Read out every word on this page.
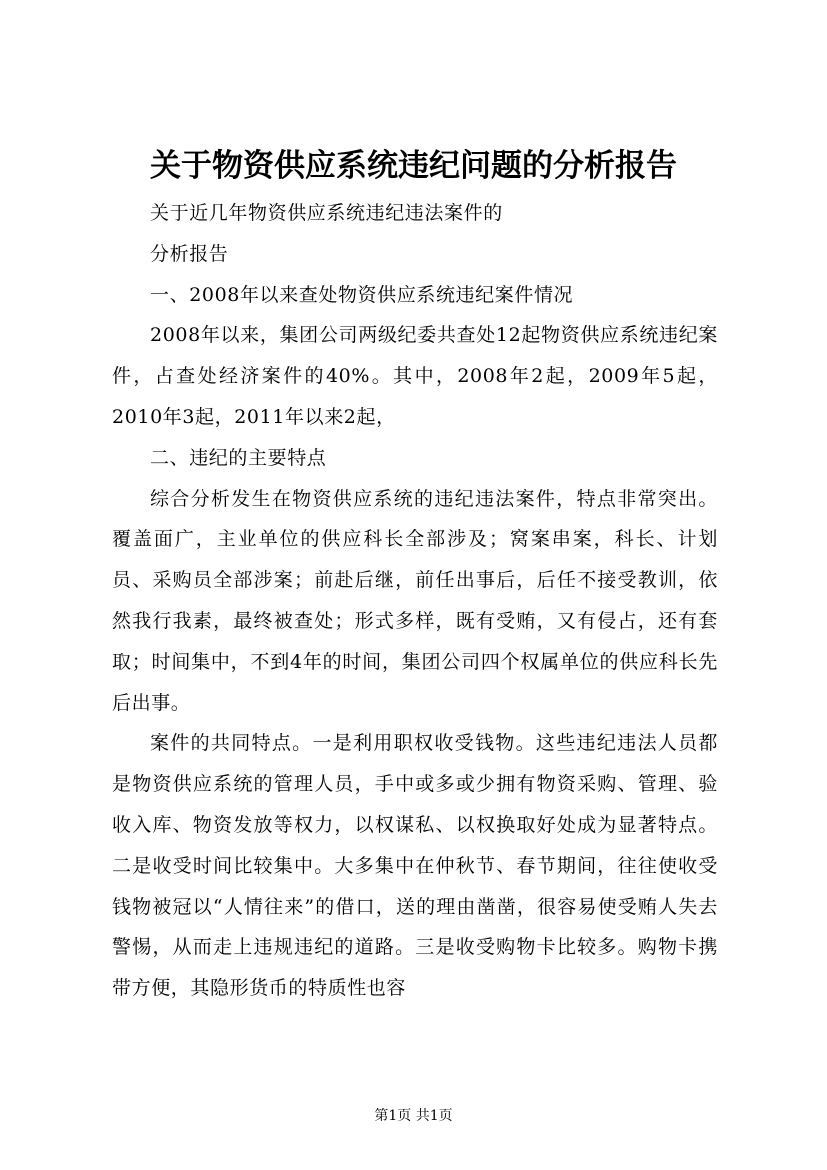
关于物资供应系统违纪问题的分析报告

关于近几年物资供应系统违纪违法案件的

分析报告

一、2008年以来查处物资供应系统违纪案件情况

2008年以来，集团公司两级纪委共查处12起物资供应系统违纪案件，占查处经济案件的40%。其中，2008年2起，2009年5起，2010年3起，2011年以来2起，

二、违纪的主要特点

综合分析发生在物资供应系统的违纪违法案件，特点非常突出。覆盖面广，主业单位的供应科长全部涉及；窝案串案，科长、计划员、采购员全部涉案；前赴后继，前任出事后，后任不接受教训，依然我行我素，最终被查处；形式多样，既有受贿，又有侵占，还有套取；时间集中，不到4年的时间，集团公司四个权属单位的供应科长先后出事。

案件的共同特点。一是利用职权收受钱物。这些违纪违法人员都是物资供应系统的管理人员，手中或多或少拥有物资采购、管理、验收入库、物资发放等权力，以权谋私、以权换取好处成为显著特点。二是收受时间比较集中。大多集中在仲秋节、春节期间，往往使收受钱物被冠以“人情往来”的借口，送的理由凿凿，很容易使受贿人失去警惕，从而走上违规违纪的道路。三是收受购物卡比较多。购物卡携带方便，其隐形货币的特质性也容

第1页 共1页
